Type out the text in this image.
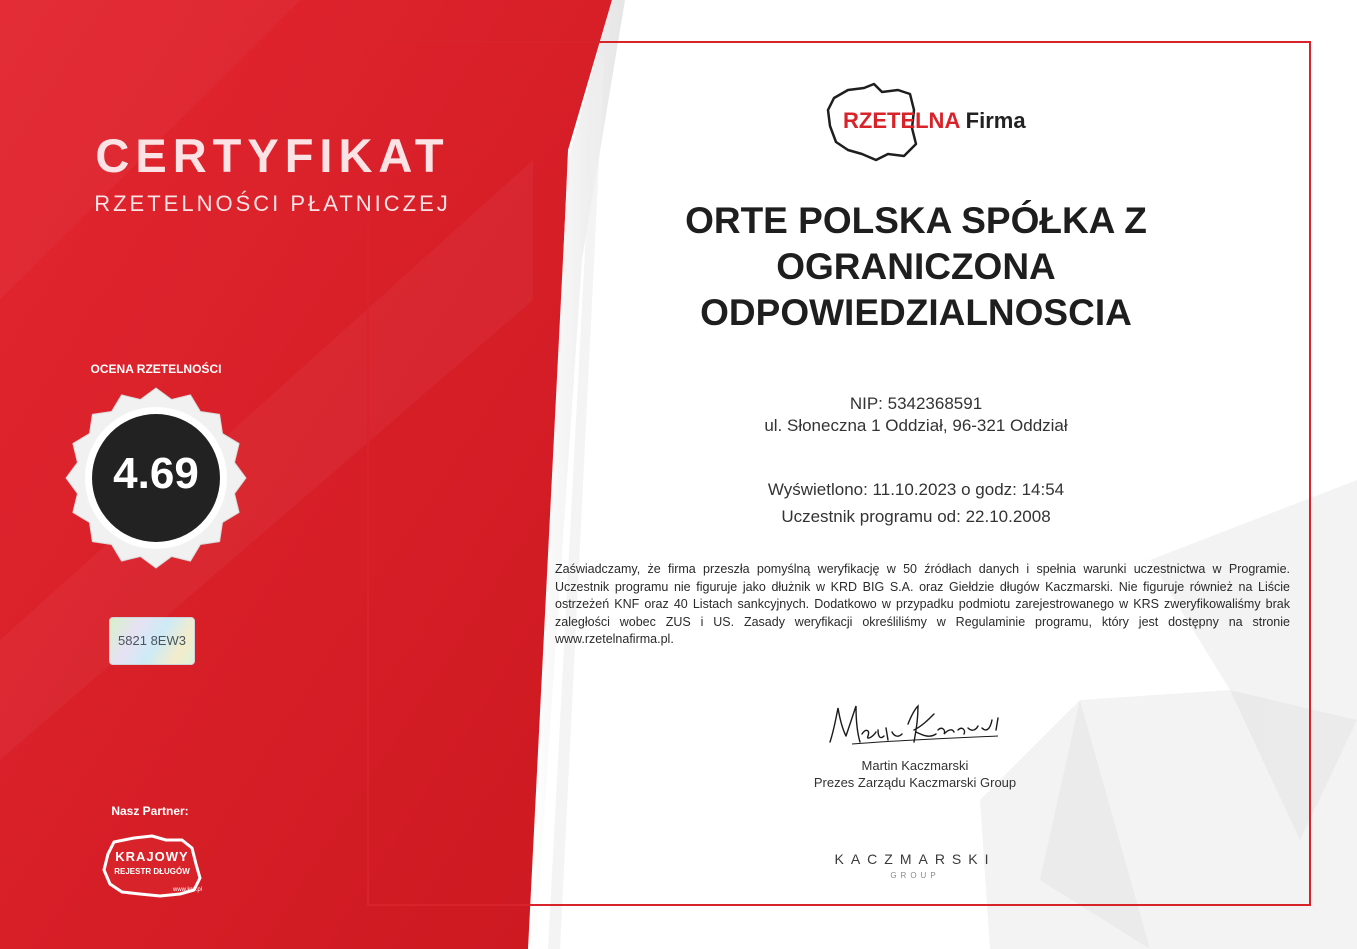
CERTYFIKAT
RZETELNOŚCI PŁATNICZEJ
OCENA RZETELNOŚCI
4.69
5821 8EW3
Nasz Partner:
KRAJOWY
REJESTR DŁUGÓW
www.krd.pl
RZETELNA Firma
ORTE POLSKA SPÓŁKA Z
OGRANICZONA
ODPOWIEDZIALNOSCIA
NIP: 5342368591
ul. Słoneczna 1 Oddział, 96-321 Oddział
Wyświetlono: 11.10.2023 o godz: 14:54
Uczestnik programu od: 22.10.2008
Zaświadczamy, że firma przeszła pomyślną weryfikację w 50 źródłach danych i spełnia warunki uczestnictwa w Programie. Uczestnik programu nie figuruje jako dłużnik w KRD BIG S.A. oraz Giełdzie długów Kaczmarski. Nie figuruje również na Liście ostrzeżeń KNF oraz 40 Listach sankcyjnych. Dodatkowo w przypadku podmiotu zarejestrowanego w KRS zweryfikowaliśmy brak zaległości wobec ZUS i US. Zasady weryfikacji określiliśmy w Regulaminie programu, który jest dostępny na stronie www.rzetelnafirma.pl.
Martin Kaczmarski
Prezes Zarządu Kaczmarski Group
KACZMARSKI
GROUP
